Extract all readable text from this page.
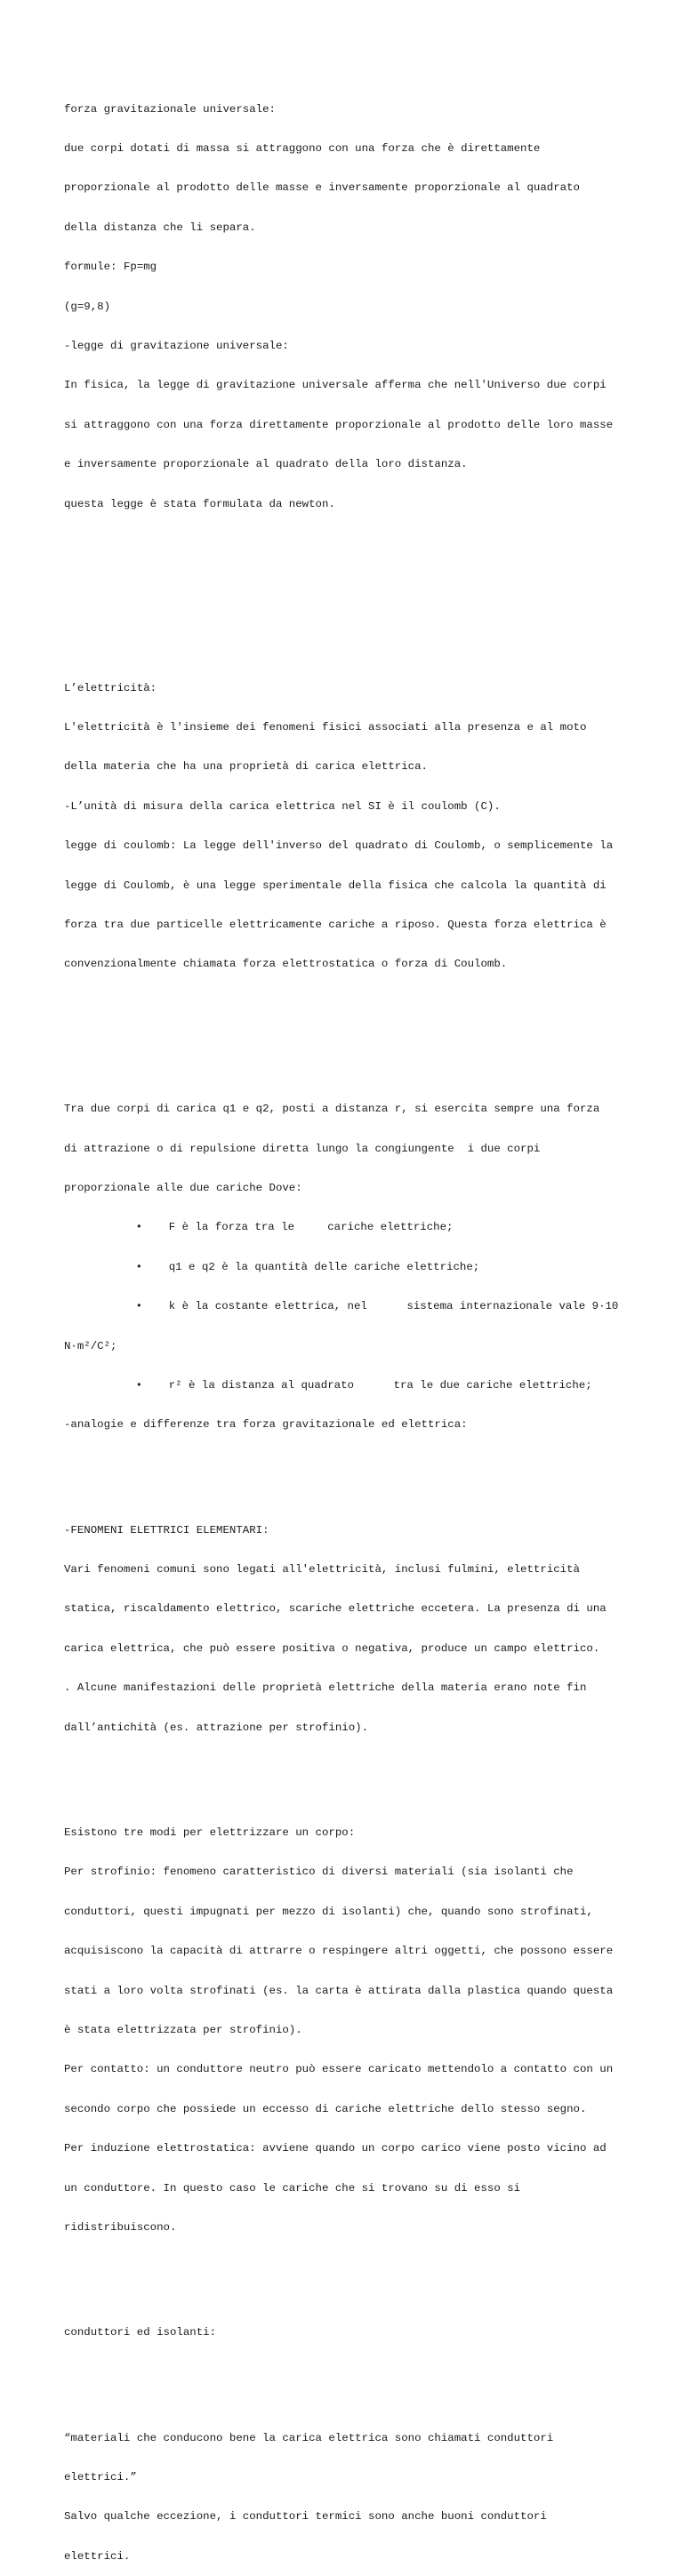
forza gravitazionale universale:

due corpi dotati di massa si attraggono con una forza che è direttamente

proporzionale al prodotto delle masse e inversamente proporzionale al quadrato

della distanza che li separa.

formule: Fp=mg

(g=9,8)

-legge di gravitazione universale:

In fisica, la legge di gravitazione universale afferma che nell'Universo due corpi

si attraggono con una forza direttamente proporzionale al prodotto delle loro masse

e inversamente proporzionale al quadrato della loro distanza.

questa legge è stata formulata da newton.

L’elettricità:

L'elettricità è l'insieme dei fenomeni fisici associati alla presenza e al moto

della materia che ha una proprietà di carica elettrica.

-L’unità di misura della carica elettrica nel SI è il coulomb (C).

legge di coulomb: La legge dell'inverso del quadrato di Coulomb, o semplicemente la

legge di Coulomb, è una legge sperimentale della fisica che calcola la quantità di

forza tra due particelle elettricamente cariche a riposo. Questa forza elettrica è

convenzionalmente chiamata forza elettrostatica o forza di Coulomb.

Tra due corpi di carica q1 e q2, posti a distanza r, si esercita sempre una forza

di attrazione o di repulsione diretta lungo la congiungente  i due corpi

proporzionale alle due cariche Dove:

• F è la forza tra le     cariche elettriche;

• q1 e q2 è la quantità delle cariche elettriche;

• k è la costante elettrica, nel      sistema internazionale vale 9·10

N·m²/C²;

• r² è la distanza al quadrato      tra le due cariche elettriche;

-analogie e differenze tra forza gravitazionale ed elettrica:

-FENOMENI ELETTRICI ELEMENTARI:

Vari fenomeni comuni sono legati all'elettricità, inclusi fulmini, elettricità

statica, riscaldamento elettrico, scariche elettriche eccetera. La presenza di una

carica elettrica, che può essere positiva o negativa, produce un campo elettrico.

. Alcune manifestazioni delle proprietà elettriche della materia erano note fin

dall’antichità (es. attrazione per strofinio).

Esistono tre modi per elettrizzare un corpo:

Per strofinio: fenomeno caratteristico di diversi materiali (sia isolanti che

conduttori, questi impugnati per mezzo di isolanti) che, quando sono strofinati,

acquisiscono la capacità di attrarre o respingere altri oggetti, che possono essere

stati a loro volta strofinati (es. la carta è attirata dalla plastica quando questa

è stata elettrizzata per strofinio).

Per contatto: un conduttore neutro può essere caricato mettendolo a contatto con un

secondo corpo che possiede un eccesso di cariche elettriche dello stesso segno.

Per induzione elettrostatica: avviene quando un corpo carico viene posto vicino ad

un conduttore. In questo caso le cariche che si trovano su di esso si

ridistribuiscono.

conduttori ed isolanti:

“materiali che conducono bene la carica elettrica sono chiamati conduttori

elettrici.”

Salvo qualche eccezione, i conduttori termici sono anche buoni conduttori

elettrici.
